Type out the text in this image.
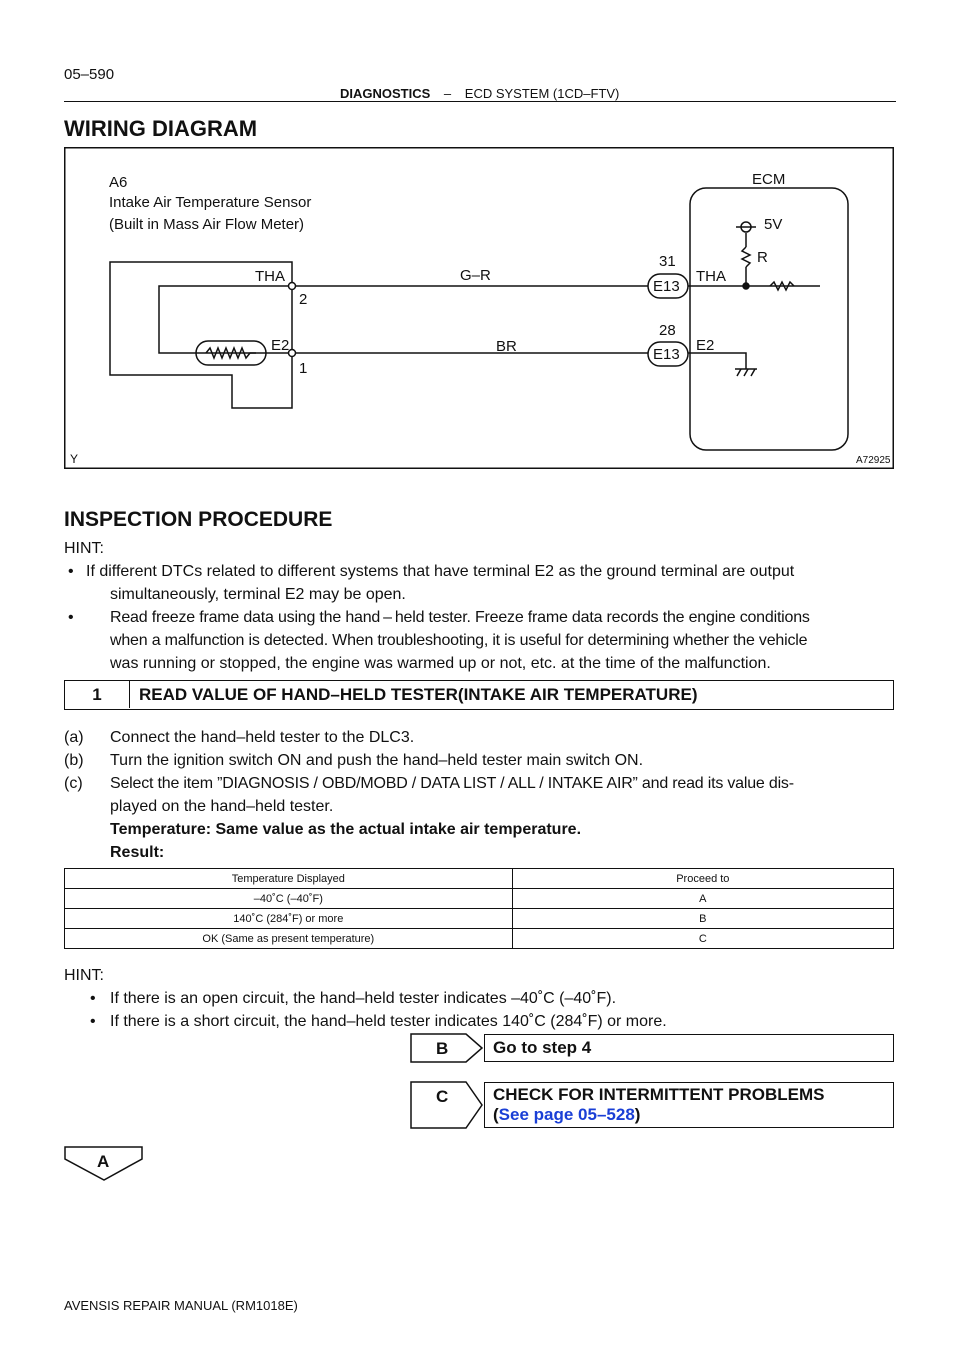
05–590
DIAGNOSTICS – ECD SYSTEM (1CD–FTV)
WIRING DIAGRAM
A6
Intake Air Temperature Sensor
(Built in Mass Air Flow Meter)
ECM
5V
R
THA
E2
2
1
G–R
BR
31
28
E13
E13
THA
E2
Y	A72925
INSPECTION PROCEDURE
HINT:
• If different DTCs related to different systems that have terminal E2 as the ground terminal are output
simultaneously, terminal E2 may be open.
• Read freeze frame data using the hand – held tester. Freeze frame data records the engine conditions
when a malfunction is detected. When troubleshooting, it is useful for determining whether the vehicle
was running or stopped, the engine was warmed up or not, etc. at the time of the malfunction.
1	READ VALUE OF HAND–HELD TESTER(INTAKE AIR TEMPERATURE)
(a) Connect the hand–held tester to the DLC3.
(b) Turn the ignition switch ON and push the hand–held tester main switch ON.
(c) Select the item ”DIAGNOSIS / OBD/MOBD / DATA LIST / ALL / INTAKE AIR” and read its value dis-
played on the hand–held tester.
Temperature: Same value as the actual intake air temperature.
Result:
Temperature Displayed	Proceed to
–40˚C (–40˚F)	A
140˚C (284˚F) or more	B
OK (Same as present temperature)	C
HINT:
• If there is an open circuit, the hand–held tester indicates –40˚C (–40˚F).
• If there is a short circuit, the hand–held tester indicates 140˚C (284˚F) or more.
B	Go to step 4
C	CHECK FOR INTERMITTENT PROBLEMS
(See page 05–528)
A
AVENSIS REPAIR MANUAL (RM1018E)
